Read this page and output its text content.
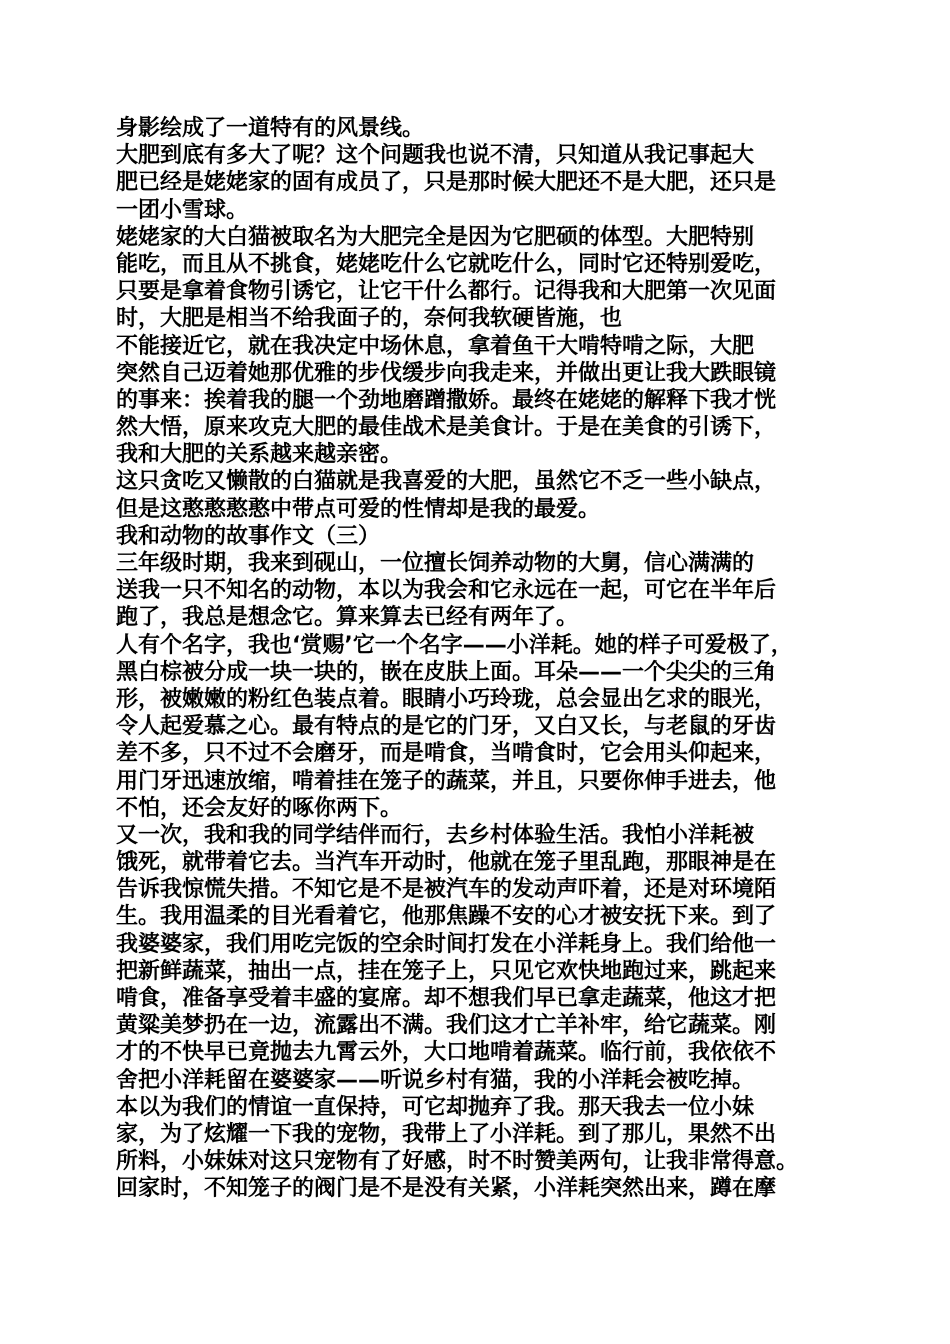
身影绘成了一道特有的风景线。
大肥到底有多大了呢？这个问题我也说不清，只知道从我记事起大
肥已经是姥姥家的固有成员了，只是那时候大肥还不是大肥，还只是
一团小雪球。
姥姥家的大白猫被取名为大肥完全是因为它肥硕的体型。大肥特别
能吃，而且从不挑食，姥姥吃什么它就吃什么，同时它还特别爱吃，
只要是拿着食物引诱它，让它干什么都行。记得我和大肥第一次见面
时，大肥是相当不给我面子的，奈何我软硬皆施，也
不能接近它，就在我决定中场休息，拿着鱼干大啃特啃之际，大肥
突然自己迈着她那优雅的步伐缓步向我走来，并做出更让我大跌眼镜
的事来：挨着我的腿一个劲地磨蹭撒娇。最终在姥姥的解释下我才恍
然大悟，原来攻克大肥的最佳战术是美食计。于是在美食的引诱下，
我和大肥的关系越来越亲密。
这只贪吃又懒散的白猫就是我喜爱的大肥，虽然它不乏一些小缺点，
但是这憨憨憨憨中带点可爱的性情却是我的最爱。
我和动物的故事作文（三）
三年级时期，我来到砚山，一位擅长饲养动物的大舅，信心满满的
送我一只不知名的动物，本以为我会和它永远在一起，可它在半年后
跑了，我总是想念它。算来算去已经有两年了。
人有个名字，我也‘赏赐’它一个名字——小洋耗。她的样子可爱极了，
黑白棕被分成一块一块的，嵌在皮肤上面。耳朵——一个尖尖的三角
形，被嫩嫩的粉红色装点着。眼睛小巧玲珑，总会显出乞求的眼光，
令人起爱慕之心。最有特点的是它的门牙，又白又长，与老鼠的牙齿
差不多，只不过不会磨牙，而是啃食，当啃食时，它会用头仰起来，
用门牙迅速放缩，啃着挂在笼子的蔬菜，并且，只要你伸手进去，他
不怕，还会友好的啄你两下。
又一次，我和我的同学结伴而行，去乡村体验生活。我怕小洋耗被
饿死，就带着它去。当汽车开动时，他就在笼子里乱跑，那眼神是在
告诉我惊慌失措。不知它是不是被汽车的发动声吓着，还是对环境陌
生。我用温柔的目光看着它，他那焦躁不安的心才被安抚下来。到了
我婆婆家，我们用吃完饭的空余时间打发在小洋耗身上。我们给他一
把新鲜蔬菜，抽出一点，挂在笼子上，只见它欢快地跑过来，跳起来
啃食，准备享受着丰盛的宴席。却不想我们早已拿走蔬菜，他这才把
黄粱美梦扔在一边，流露出不满。我们这才亡羊补牢，给它蔬菜。刚
才的不快早已竟抛去九霄云外，大口地啃着蔬菜。临行前，我依依不
舍把小洋耗留在婆婆家——听说乡村有猫，我的小洋耗会被吃掉。
本以为我们的情谊一直保持，可它却抛弃了我。那天我去一位小妹
家，为了炫耀一下我的宠物，我带上了小洋耗。到了那儿，果然不出
所料，小妹妹对这只宠物有了好感，时不时赞美两句，让我非常得意。
回家时，不知笼子的阀门是不是没有关紧，小洋耗突然出来，蹲在摩
